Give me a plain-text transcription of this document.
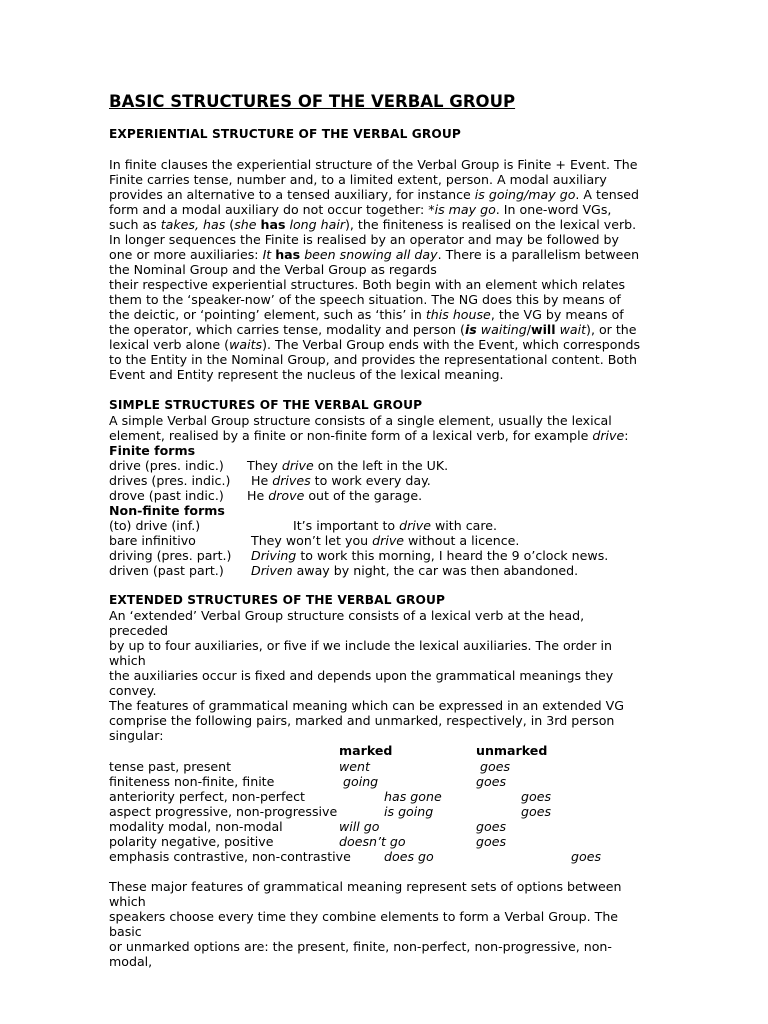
BASIC STRUCTURES OF THE VERBAL GROUP
EXPERIENTIAL STRUCTURE OF THE VERBAL GROUP
In finite clauses the experiential structure of the Verbal Group is Finite + Event. The
Finite carries tense, number and, to a limited extent, person. A modal auxiliary
provides an alternative to a tensed auxiliary, for instance is going/may go. A tensed
form and a modal auxiliary do not occur together: *is may go. In one-word VGs,
such as takes, has (she has long hair), the finiteness is realised on the lexical verb.
In longer sequences the Finite is realised by an operator and may be followed by
one or more auxiliaries: It has been snowing all day. There is a parallelism between
the Nominal Group and the Verbal Group as regards
their respective experiential structures. Both begin with an element which relates
them to the ‘speaker-now’ of the speech situation. The NG does this by means of
the deictic, or ‘pointing’ element, such as ‘this’ in this house, the VG by means of
the operator, which carries tense, modality and person (is waiting/will wait), or the
lexical verb alone (waits). The Verbal Group ends with the Event, which corresponds
to the Entity in the Nominal Group, and provides the representational content. Both
Event and Entity represent the nucleus of the lexical meaning.
SIMPLE STRUCTURES OF THE VERBAL GROUP
A simple Verbal Group structure consists of a single element, usually the lexical
element, realised by a finite or non-finite form of a lexical verb, for example drive:
Finite forms
drive (pres. indic.) They drive on the left in the UK.
drives (pres. indic.) He drives to work every day.
drove (past indic.) He drove out of the garage.
Non-finite forms
(to) drive (inf.)	It’s important to drive with care.
bare infinitivo	They won’t let you drive without a licence.
driving (pres. part.) Driving to work this morning, I heard the 9 o’clock news.
driven (past part.) Driven away by night, the car was then abandoned.
EXTENDED STRUCTURES OF THE VERBAL GROUP
An ‘extended’ Verbal Group structure consists of a lexical verb at the head,
preceded
by up to four auxiliaries, or five if we include the lexical auxiliaries. The order in
which
the auxiliaries occur is fixed and depends upon the grammatical meanings they
convey.
The features of grammatical meaning which can be expressed in an extended VG
comprise the following pairs, marked and unmarked, respectively, in 3rd person
singular:
marked	unmarked
tense past, present	went	goes
finiteness non-finite, finite	going	goes
anteriority perfect, non-perfect	has gone	goes
aspect progressive, non-progressive	is going	goes
modality modal, non-modal	will go	goes
polarity negative, positive	doesn’t go	goes
emphasis contrastive, non-contrastive	does go	goes
These major features of grammatical meaning represent sets of options between
which
speakers choose every time they combine elements to form a Verbal Group. The
basic
or unmarked options are: the present, finite, non-perfect, non-progressive, non-
modal,
